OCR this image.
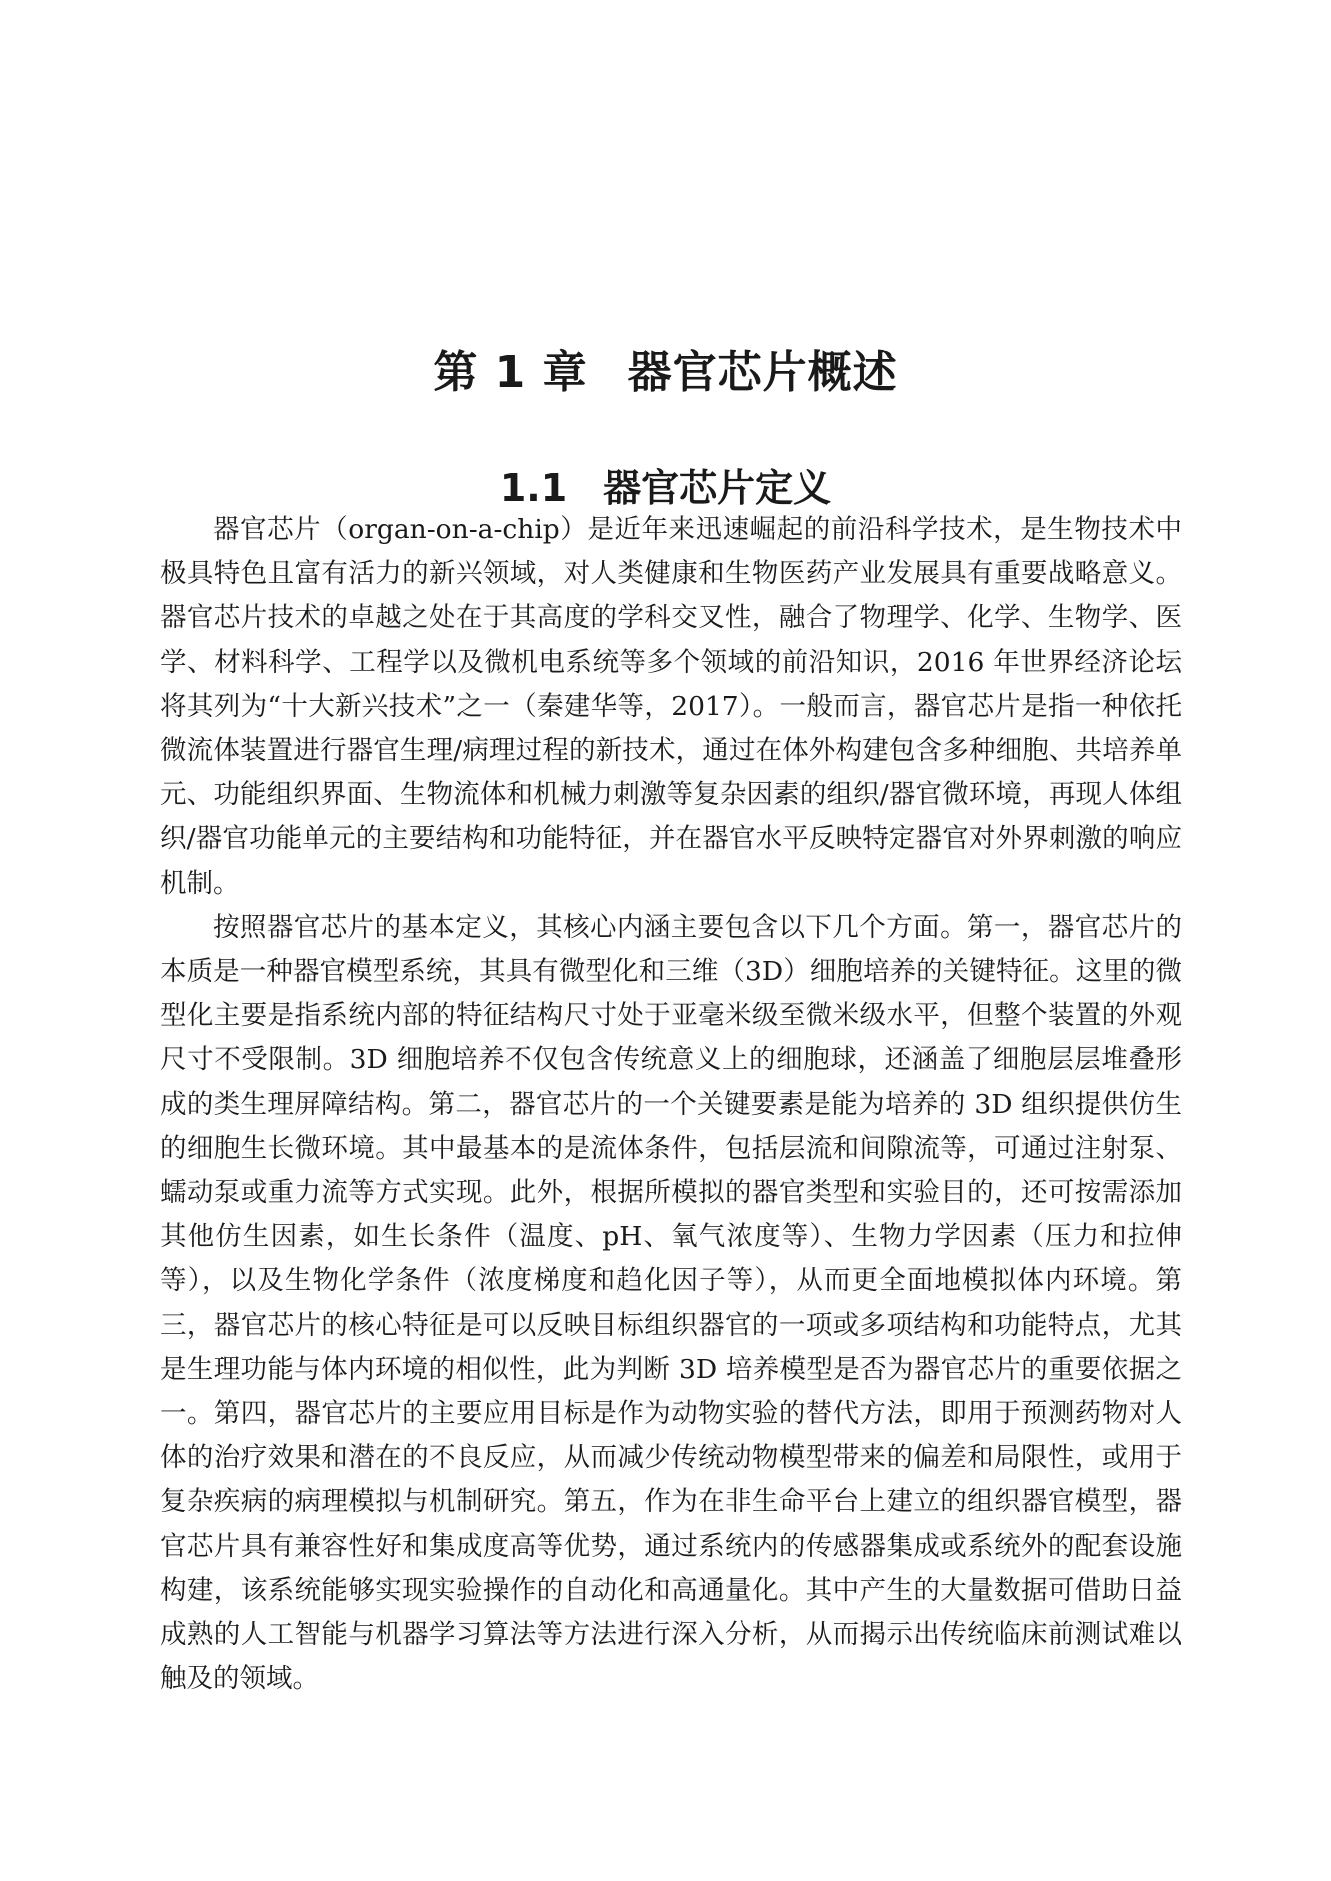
第 1 章 器官芯片概述
1.1 器官芯片定义

器官芯片（organ-on-a-chip）是近年来迅速崛起的前沿科学技术，是生物技术中极具特色且富有活力的新兴领域，对人类健康和生物医药产业发展具有重要战略意义。器官芯片技术的卓越之处在于其高度的学科交叉性，融合了物理学、化学、生物学、医学、材料科学、工程学以及微机电系统等多个领域的前沿知识，2016 年世界经济论坛将其列为“十大新兴技术”之一（秦建华等，2017）。一般而言，器官芯片是指一种依托微流体装置进行器官生理/病理过程的新技术，通过在体外构建包含多种细胞、共培养单元、功能组织界面、生物流体和机械力刺激等复杂因素的组织/器官微环境，再现人体组织/器官功能单元的主要结构和功能特征，并在器官水平反映特定器官对外界刺激的响应机制。

按照器官芯片的基本定义，其核心内涵主要包含以下几个方面。第一，器官芯片的本质是一种器官模型系统，其具有微型化和三维（3D）细胞培养的关键特征。这里的微型化主要是指系统内部的特征结构尺寸处于亚毫米级至微米级水平，但整个装置的外观尺寸不受限制。3D 细胞培养不仅包含传统意义上的细胞球，还涵盖了细胞层层堆叠形成的类生理屏障结构。第二，器官芯片的一个关键要素是能为培养的 3D 组织提供仿生的细胞生长微环境。其中最基本的是流体条件，包括层流和间隙流等，可通过注射泵、蠕动泵或重力流等方式实现。此外，根据所模拟的器官类型和实验目的，还可按需添加其他仿生因素，如生长条件（温度、pH、氧气浓度等）、生物力学因素（压力和拉伸等），以及生物化学条件（浓度梯度和趋化因子等），从而更全面地模拟体内环境。第三，器官芯片的核心特征是可以反映目标组织器官的一项或多项结构和功能特点，尤其是生理功能与体内环境的相似性，此为判断 3D 培养模型是否为器官芯片的重要依据之一。第四，器官芯片的主要应用目标是作为动物实验的替代方法，即用于预测药物对人体的治疗效果和潜在的不良反应，从而减少传统动物模型带来的偏差和局限性，或用于复杂疾病的病理模拟与机制研究。第五，作为在非生命平台上建立的组织器官模型，器官芯片具有兼容性好和集成度高等优势，通过系统内的传感器集成或系统外的配套设施构建，该系统能够实现实验操作的自动化和高通量化。其中产生的大量数据可借助日益成熟的人工智能与机器学习算法等方法进行深入分析，从而揭示出传统临床前测试难以触及的领域。
